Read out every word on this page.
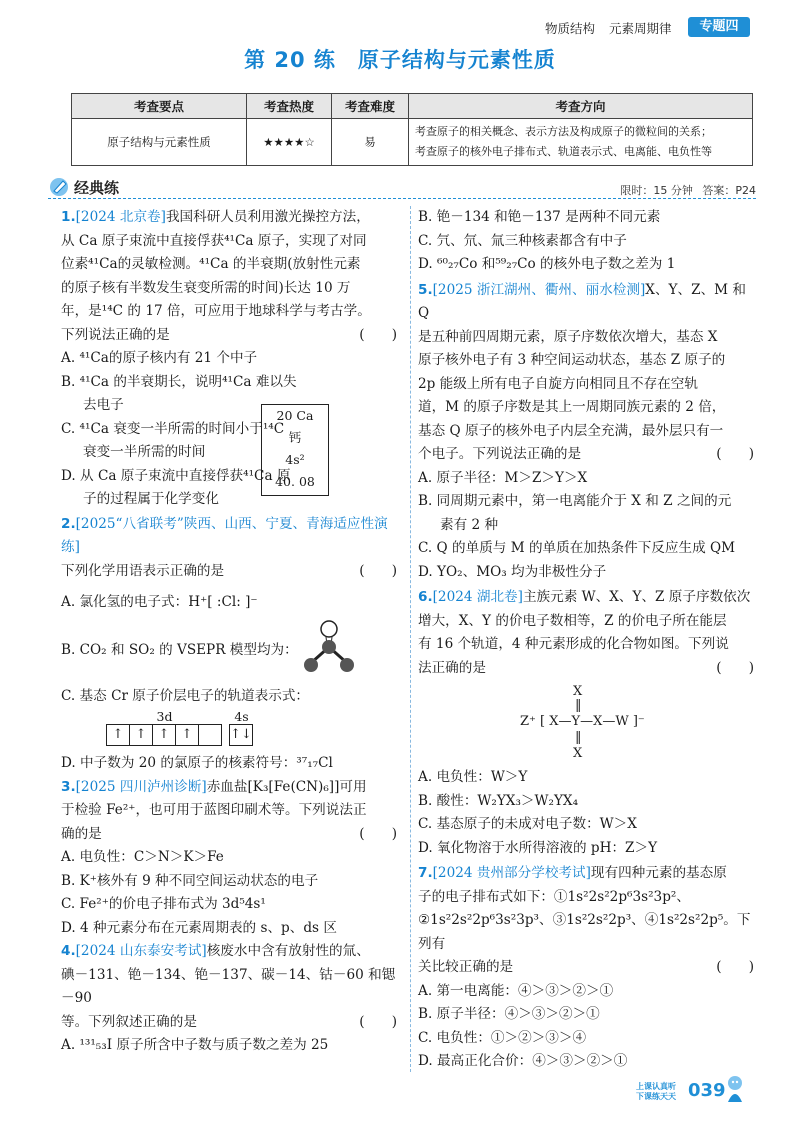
物质结构 元素周期律	专题四
第 20 练 原子结构与元素性质
考查要点	考查热度	考查难度	考查方向
原子结构与元素性质	★★★★☆	易	考查原子的相关概念、表示方法及构成原子的微粒间的关系；
考查原子的核外电子排布式、轨道表示式、电离能、电负性等
经典练	限时：15 分钟 答案：P24

1.[2024 北京卷]我国科研人员利用激光操控方法，

从 Ca 原子束流中直接俘获⁴¹Ca 原子，实现了对同

位素⁴¹Ca的灵敏检测。⁴¹Ca 的半衰期(放射性元素

的原子核有半数发生衰变所需的时间)长达 10 万

年，是¹⁴C 的 17 倍，可应用于地球科学与考古学。

下列说法正确的是	(　　)

A. ⁴¹Ca的原子核内有 21 个中子

B. ⁴¹Ca 的半衰期长，说明⁴¹Ca 难以失

去电子

C. ⁴¹Ca 衰变一半所需的时间小于¹⁴C

衰变一半所需的时间

D. 从 Ca 原子束流中直接俘获⁴¹Ca 原

子的过程属于化学变化

2.[2025“八省联考”陕西、山西、宁夏、青海适应性演练]

下列化学用语表示正确的是	(　　)

A. 氯化氢的电子式：H⁺[ :Cl: ]⁻

B. CO₂ 和 SO₂ 的 VSEPR 模型均为：

C. 基态 Cr 原子价层电子的轨道表示式：

3d
↑ ↑ ↑ ↑
4s
↑↓

D. 中子数为 20 的氯原子的核素符号：³⁷₁₇Cl

3.[2025 四川泸州诊断]赤血盐[K₃[Fe(CN)₆]]可用

于检验 Fe²⁺，也可用于蓝图印刷术等。下列说法正

确的是	(　　)

A. 电负性：C＞N＞K＞Fe

B. K⁺核外有 9 种不同空间运动状态的电子

C. Fe²⁺的价电子排布式为 3d⁵4s¹

D. 4 种元素分布在元素周期表的 s、p、ds 区

4.[2024 山东泰安考试]核废水中含有放射性的氚、

碘－131、铯－134、铯－137、碳－14、钴－60 和锶－90

等。下列叙述正确的是	(　　)

A. ¹³¹₅₃I 原子所含中子数与质子数之差为 25

20 Ca
钙
4s²
40. 08

B. 铯－134 和铯－137 是两种不同元素

C. 氕、氘、氚三种核素都含有中子

D. ⁶⁰₂₇Co 和⁵⁹₂₇Co 的核外电子数之差为 1

5.[2025 浙江湖州、衢州、丽水检测]X、Y、Z、M 和 Q

是五种前四周期元素，原子序数依次增大，基态 X

原子核外电子有 3 种空间运动状态，基态 Z 原子的

2p 能级上所有电子自旋方向相同且不存在空轨

道，M 的原子序数是其上一周期同族元素的 2 倍，

基态 Q 原子的核外电子内层全充满，最外层只有一

个电子。下列说法正确的是	(　　)

A. 原子半径：M＞Z＞Y＞X

B. 同周期元素中，第一电离能介于 X 和 Z 之间的元

素有 2 种

C. Q 的单质与 M 的单质在加热条件下反应生成 QM

D. YO₂、MO₃ 均为非极性分子

6.[2024 湖北卷]主族元素 W、X、Y、Z 原子序数依次

增大，X、Y 的价电子数相等，Z 的价电子所在能层

有 16 个轨道，4 种元素形成的化合物如图。下列说

法正确的是	(　　)

X
‖
Z⁺ [ X—Y—X—W ]⁻
‖
X

A. 电负性：W＞Y

B. 酸性：W₂YX₃＞W₂YX₄

C. 基态原子的未成对电子数：W＞X

D. 氧化物溶于水所得溶液的 pH：Z＞Y

7.[2024 贵州部分学校考试]现有四种元素的基态原

子的电子排布式如下：①1s²2s²2p⁶3s²3p²、

②1s²2s²2p⁶3s²3p³、③1s²2s²2p³、④1s²2s²2p⁵。下列有

关比较正确的是	(　　)

A. 第一电离能：④＞③＞②＞①

B. 原子半径：④＞③＞②＞①

C. 电负性：①＞②＞③＞④

D. 最高正化合价：④＞③＞②＞①

上课认真听
下课练天天 039
